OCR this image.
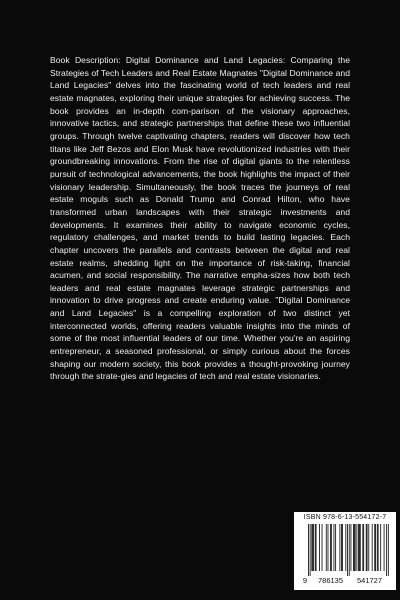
Book Description: Digital Dominance and Land Legacies: Comparing the Strategies of Tech Leaders and Real Estate Magnates "Digital Dominance and Land Legacies" delves into the fascinating world of tech leaders and real estate magnates, exploring their unique strategies for achieving success. The book provides an in-depth com-parison of the visionary approaches, innovative tactics, and strategic partnerships that define these two influential groups. Through twelve captivating chapters, readers will discover how tech titans like Jeff Bezos and Elon Musk have revolutionized industries with their groundbreaking innovations. From the rise of digital giants to the relentless pursuit of technological advancements, the book highlights the impact of their visionary leadership. Simultaneously, the book traces the journeys of real estate moguls such as Donald Trump and Conrad Hilton, who have transformed urban landscapes with their strategic investments and developments. It examines their ability to navigate economic cycles, regulatory challenges, and market trends to build lasting legacies. Each chapter uncovers the parallels and contrasts between the digital and real estate realms, shedding light on the importance of risk-taking, financial acumen, and social responsibility. The narrative empha-sizes how both tech leaders and real estate magnates leverage strategic partnerships and innovation to drive progress and create enduring value. "Digital Dominance and Land Legacies" is a compelling exploration of two distinct yet interconnected worlds, offering readers valuable insights into the minds of some of the most influential leaders of our time. Whether you're an aspiring entrepreneur, a seasoned professional, or simply curious about the forces shaping our modern society, this book provides a thought-provoking journey through the strate-gies and legacies of tech and real estate visionaries.

ISBN 978-6-13-554172-7
9 786135 541727
